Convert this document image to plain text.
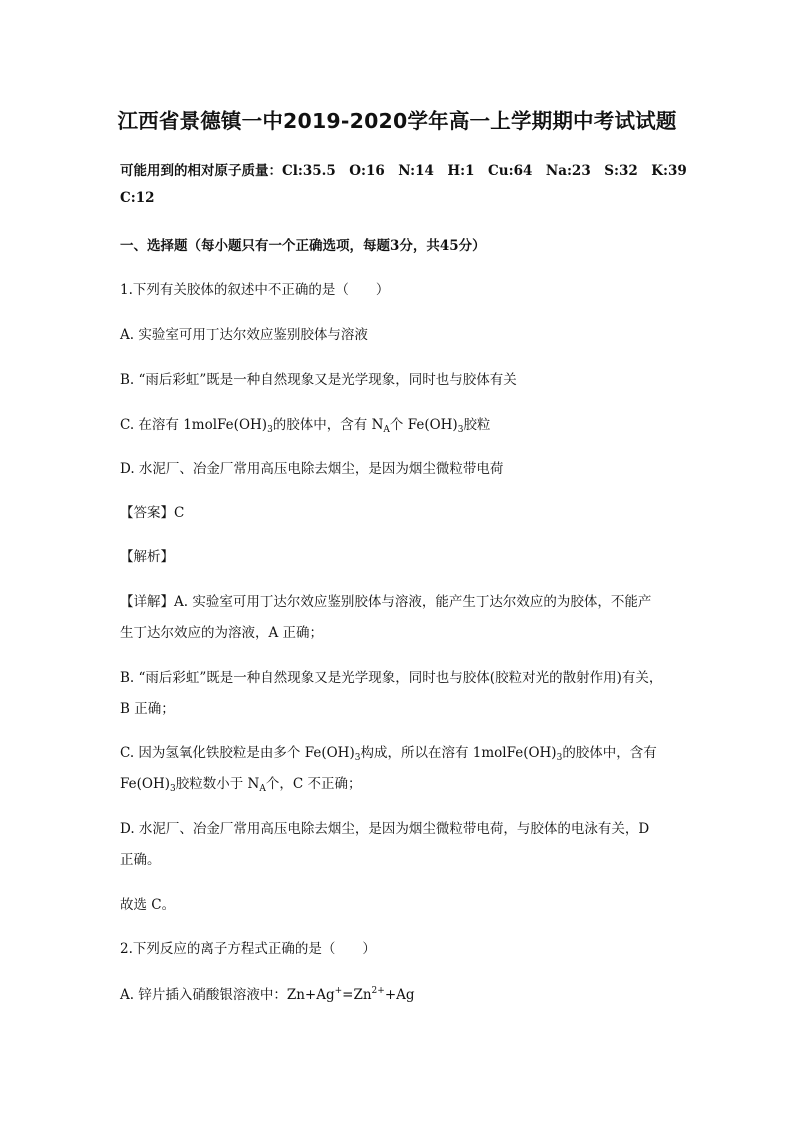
江西省景德镇一中2019-2020学年高一上学期期中考试试题
可能用到的相对原子质量：Cl:35.5　O:16　N:14　H:1　Cu:64　Na:23　S:32　K:39
C:12
一、选择题（每小题只有一个正确选项，每题3分，共45分）
1.下列有关胶体的叙述中不正确的是（　　）
A. 实验室可用丁达尔效应鉴别胶体与溶液
B. “雨后彩虹”既是一种自然现象又是光学现象，同时也与胶体有关
C. 在溶有 $1molFe(OH)_3$的胶体中，含有 $N_A$个 $Fe(OH)_3$胶粒
D. 水泥厂、冶金厂常用高压电除去烟尘，是因为烟尘微粒带电荷
【答案】C
【解析】
【详解】A. 实验室可用丁达尔效应鉴别胶体与溶液，能产生丁达尔效应的为胶体，不能产
生丁达尔效应的为溶液，A 正确；
B. “雨后彩虹”既是一种自然现象又是光学现象，同时也与胶体(胶粒对光的散射作用)有关，
B 正确；
C. 因为氢氧化铁胶粒是由多个 $Fe(OH)_3$构成，所以在溶有 $1molFe(OH)_3$的胶体中，含有
$Fe(OH)_3$胶粒数小于 $N_A$个，C 不正确；
D. 水泥厂、冶金厂常用高压电除去烟尘，是因为烟尘微粒带电荷，与胶体的电泳有关，D
正确。
故选 C。
2.下列反应的离子方程式正确的是（　　）
A. 锌片插入硝酸银溶液中：$Zn+Ag^+=Zn^{2+}+Ag$
